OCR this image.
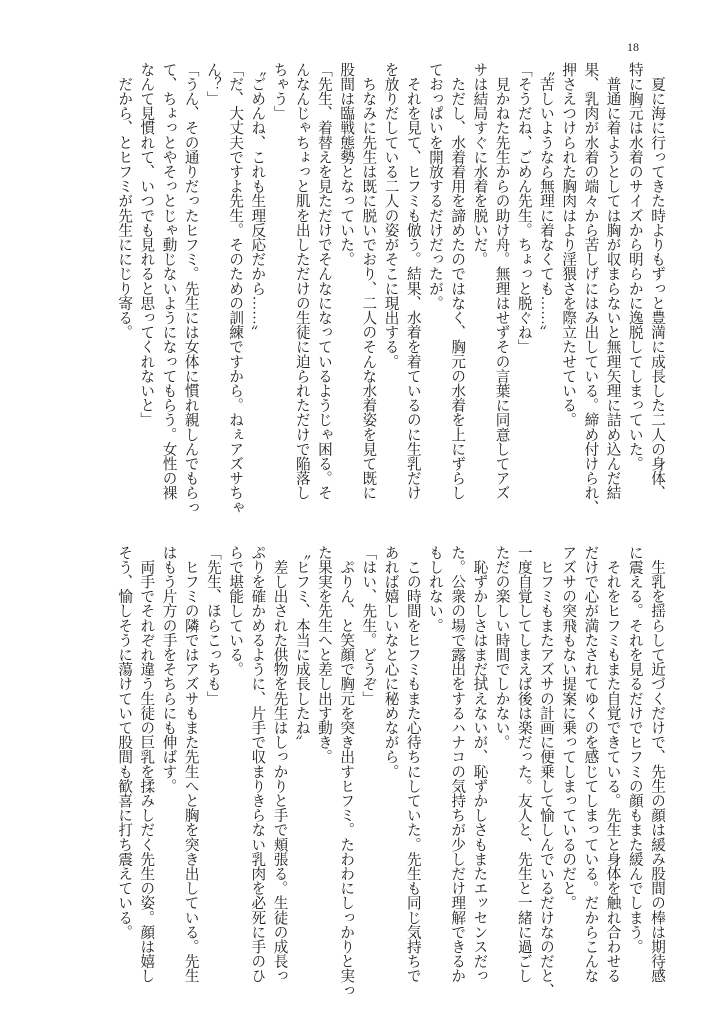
18
　夏に海に行ってきた時よりもずっと豊満に成長した二人の身体、
特に胸元は水着のサイズから明らかに逸脱してしまっていた。
　普通に着ようとしては胸が収まらないと無理矢理に詰め込んだ結
果、乳肉が水着の端々から苦しげにはみ出している。締め付けられ、
押さえつけられた胸肉はより淫猥さを際立たせている。
〝苦しいようなら無理に着なくても……〟
「そうだね、ごめん先生。ちょっと脱ぐね」
　見かねた先生からの助け舟。無理はせずその言葉に同意してアズ
サは結局すぐに水着を脱いだ。
　ただし、水着着用を諦めたのではなく、胸元の水着を上にずらし
ておっぱいを開放するだけだったが。
　それを見て、ヒフミも倣う。結果、水着を着ているのに生乳だけ
を放りだしている二人の姿がそこに現出する。
　ちなみに先生は既に脱いでおり、二人のそんな水着姿を見て既に
股間は臨戦態勢となっていた。
「先生、着替えを見ただけでそんなになっているようじゃ困る。そ
んなんじゃちょっと肌を出しただけの生徒に迫られただけで陥落し
ちゃう」
〝ごめんね、これも生理反応だから……〟
「だ、大丈夫ですよ先生。そのための訓練ですから。ねぇアズサちゃ
ん？」
「うん、その通りだったヒフミ。先生には女体に慣れ親しんでもらっ
て、ちょっとやそっとじゃ動じないようになってもらう。女性の裸
なんて見慣れて、いつでも見れると思ってくれないと」
　だから、とヒフミが先生ににじり寄る。
　生乳を揺らして近づくだけで、先生の顔は緩み股間の棒は期待感
に震える。それを見るだけでヒフミの顔もまた緩んでしまう。
　それをヒフミもまた自覚できている。先生と身体を触れ合わせる
だけで心が満たされてゆくのを感じてしまっている。だからこんな
アズサの突飛もない提案に乗ってしまっているのだと。
　ヒフミもまたアズサの計画に便乗して愉しんでいるだけなのだと、
一度自覚してしまえば後は楽だった。友人と、先生と一緒に過ごし
ただの楽しい時間でしかない。
　恥ずかしさはまだ拭えないが、恥ずかしさもまたエッセンスだっ
た。公衆の場で露出をするハナコの気持ちが少しだけ理解できるか
もしれない。
　この時間をヒフミもまた心待ちにしていた。先生も同じ気持ちで
あれば嬉しいなと心に秘めながら。
「はい、先生。どうぞ」
　ぷりん、と笑顔で胸元を突き出すヒフミ。たわわにしっかりと実っ
た果実を先生へと差し出す動き。
〝ヒフミ、本当に成長したね〟
　差し出された供物を先生はしっかりと手で頬張る。生徒の成長っ
ぷりを確かめるように、片手で収まりきらない乳肉を必死に手のひ
らで堪能している。
「先生、ほらこっちも」
　ヒフミの隣ではアズサもまた先生へと胸を突き出している。先生
はもう片方の手をそちらにも伸ばす。
　両手でそれぞれ違う生徒の巨乳を揉みしだく先生の姿。顔は嬉し
そう、愉しそうに蕩けていて股間も歓喜に打ち震えている。
